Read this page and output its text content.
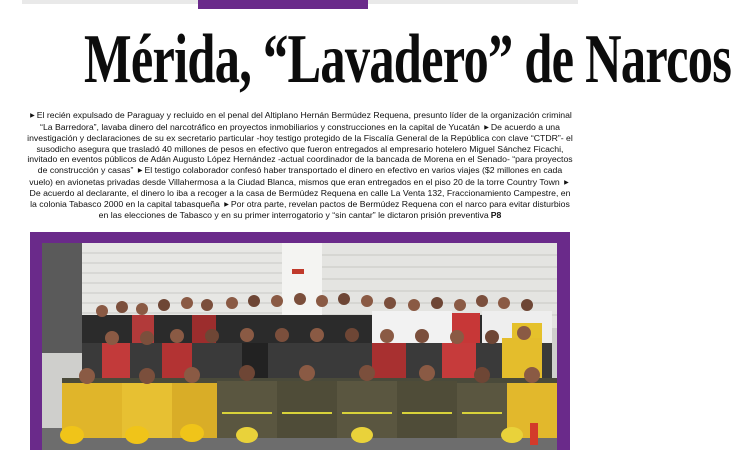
Mérida, “Lavadero” de Narcos

▶ El recién expulsado de Paraguay y recluido en el penal del Altiplano Hernán Bermúdez Requena, presunto líder de la organización criminal “La Barredora”, lavaba dinero del narcotráfico en proyectos inmobiliarios y construcciones en la capital de Yucatán ▶ De acuerdo a una investigación y declaraciones de su ex secretario particular -hoy testigo protegido de la Fiscalía General de la República con clave “CTDR”- el susodicho asegura que trasladó 40 millones de pesos en efectivo que fueron entregados al empresario hotelero Miguel Sánchez Ficachi, invitado en eventos públicos de Adán Augusto López Hernández -actual coordinador de la bancada de Morena en el Senado- “para proyectos de construcción y casas” ▶ El testigo colaborador confesó haber transportado el dinero en efectivo en varios viajes ($2 millones en cada vuelo) en avionetas privadas desde Villahermosa a la Ciudad Blanca, mismos que eran entregados en el piso 20 de la torre Country Town ▶De acuerdo al declarante, el dinero lo iba a recoger a la casa de Bermúdez Requena en calle La Venta 132, Fraccionamiento Campestre, en la colonia Tabasco 2000 en la capital tabasqueña ▶ Por otra parte, revelan pactos de Bermúdez Requena con el narco para evitar disturbios en las elecciones de Tabasco y en su primer interrogatorio y “sin cantar” le dictaron prisión preventiva P8
